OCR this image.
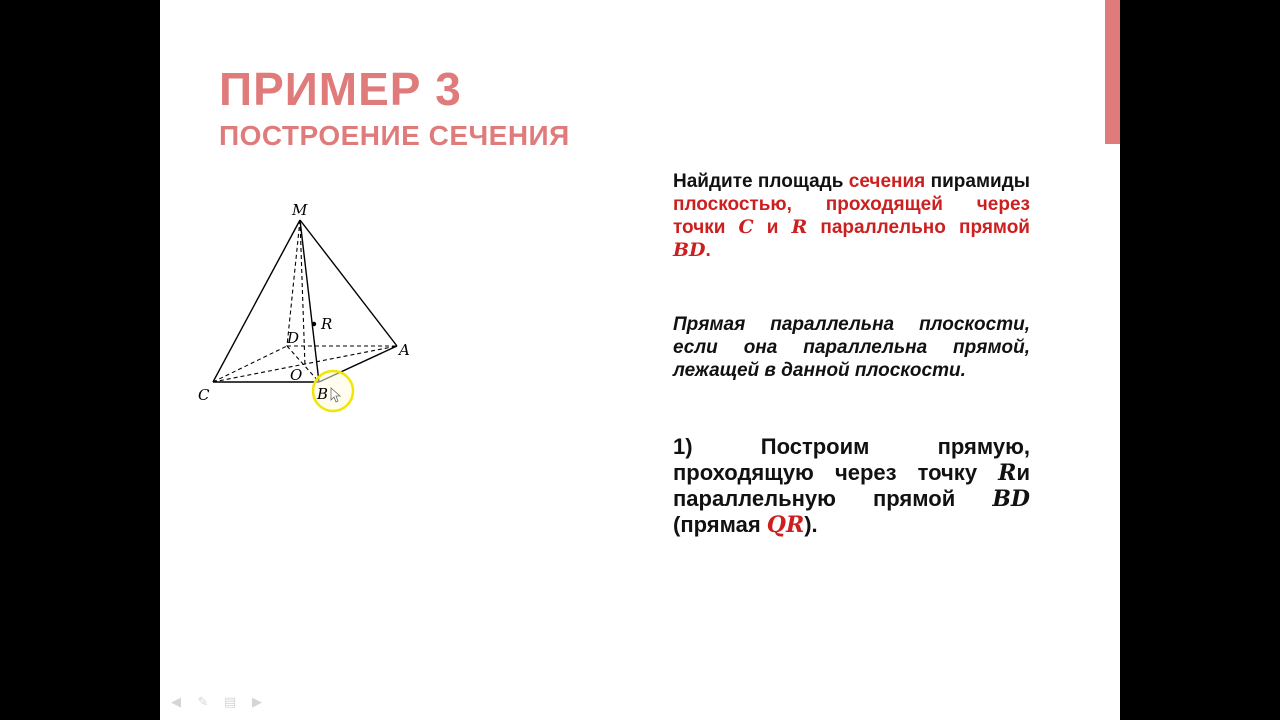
ПРИМЕР 3
ПОСТРОЕНИЕ СЕЧЕНИЯ
M
D
A
R
O
C	B
Найдите площадь сечения пирамиды плоскостью, проходящей через точки C и R параллельно прямой BD.
Прямая параллельна плоскости, если она параллельна прямой, лежащей в данной плоскости.
1) Построим прямую, проходящую через точку Rи параллельную прямой BD (прямая QR).
◀ ✎ ▤ ▶
